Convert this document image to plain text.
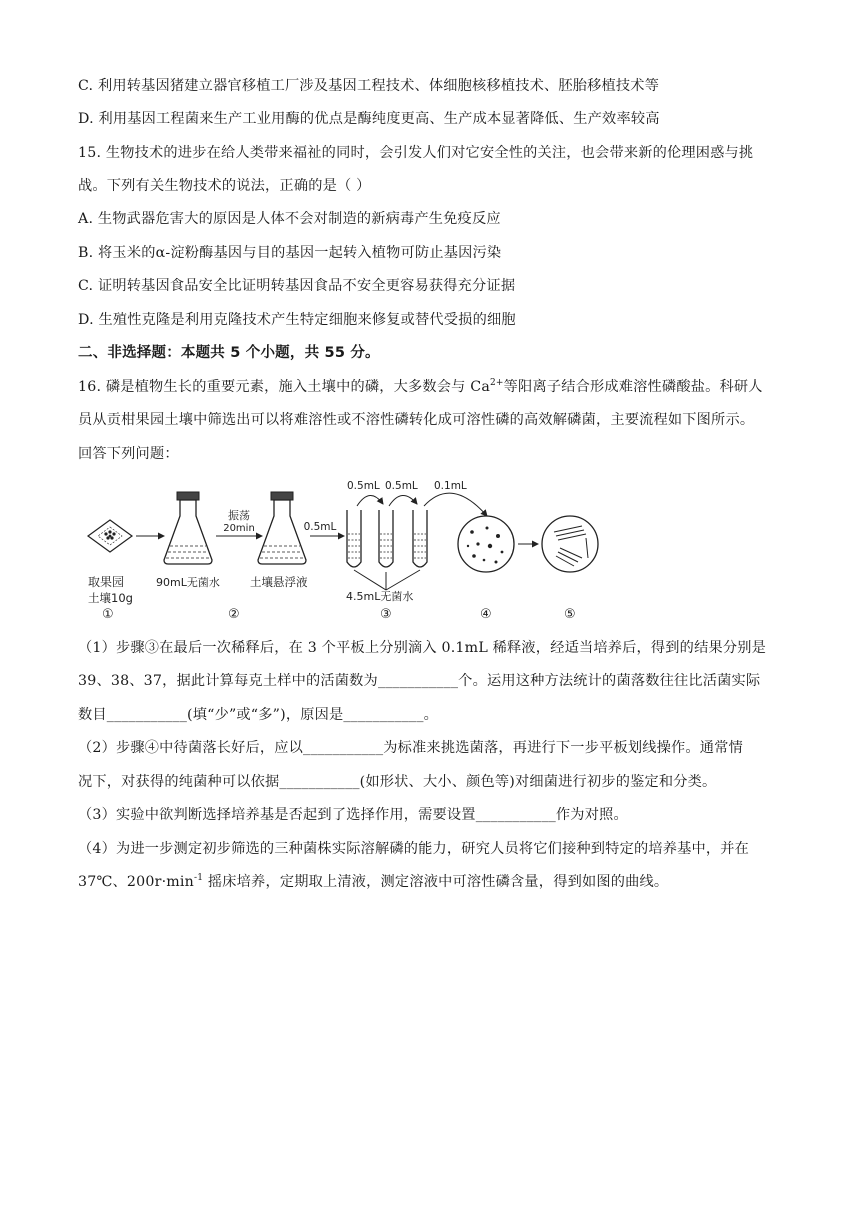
C. 利用转基因猪建立器官移植工厂涉及基因工程技术、体细胞核移植技术、胚胎移植技术等
D. 利用基因工程菌来生产工业用酶的优点是酶纯度更高、生产成本显著降低、生产效率较高
15. 生物技术的进步在给人类带来福祉的同时，会引发人们对它安全性的关注，也会带来新的伦理困惑与挑
战。下列有关生物技术的说法，正确的是（ ）
A. 生物武器危害大的原因是人体不会对制造的新病毒产生免疫反应
B. 将玉米的α-淀粉酶基因与目的基因一起转入植物可防止基因污染
C. 证明转基因食品安全比证明转基因食品不安全更容易获得充分证据
D. 生殖性克隆是利用克隆技术产生特定细胞来修复或替代受损的细胞
二、非选择题：本题共 5 个小题，共 55 分。
16. 磷是植物生长的重要元素，施入土壤中的磷，大多数会与 $Ca^{2+}$等阳离子结合形成难溶性磷酸盐。科研人
员从贡柑果园土壤中筛选出可以将难溶性或不溶性磷转化成可溶性磷的高效解磷菌，主要流程如下图所示。
回答下列问题：
振荡
20min	0.5mL
0.5mL 0.5mL 0.1mL
取果园
土壤10g
90mL无菌水	土壤悬浮液
4.5mL无菌水
①	②	③	④	⑤
（1）步骤③在最后一次稀释后，在 3 个平板上分别滴入 0.1mL 稀释液，经适当培养后，得到的结果分别是
39、38、37，据此计算每克土样中的活菌数为___________个。运用这种方法统计的菌落数往往比活菌实际
数目___________(填“少”或“多”)，原因是___________。
（2）步骤④中待菌落长好后，应以___________为标准来挑选菌落，再进行下一步平板划线操作。通常情
况下，对获得的纯菌种可以依据___________(如形状、大小、颜色等)对细菌进行初步的鉴定和分类。
（3）实验中欲判断选择培养基是否起到了选择作用，需要设置___________作为对照。
（4）为进一步测定初步筛选的三种菌株实际溶解磷的能力，研究人员将它们接种到特定的培养基中，并在
37℃、$200r\cdot\min^{-1}$ 摇床培养，定期取上清液，测定溶液中可溶性磷含量，得到如图的曲线。
